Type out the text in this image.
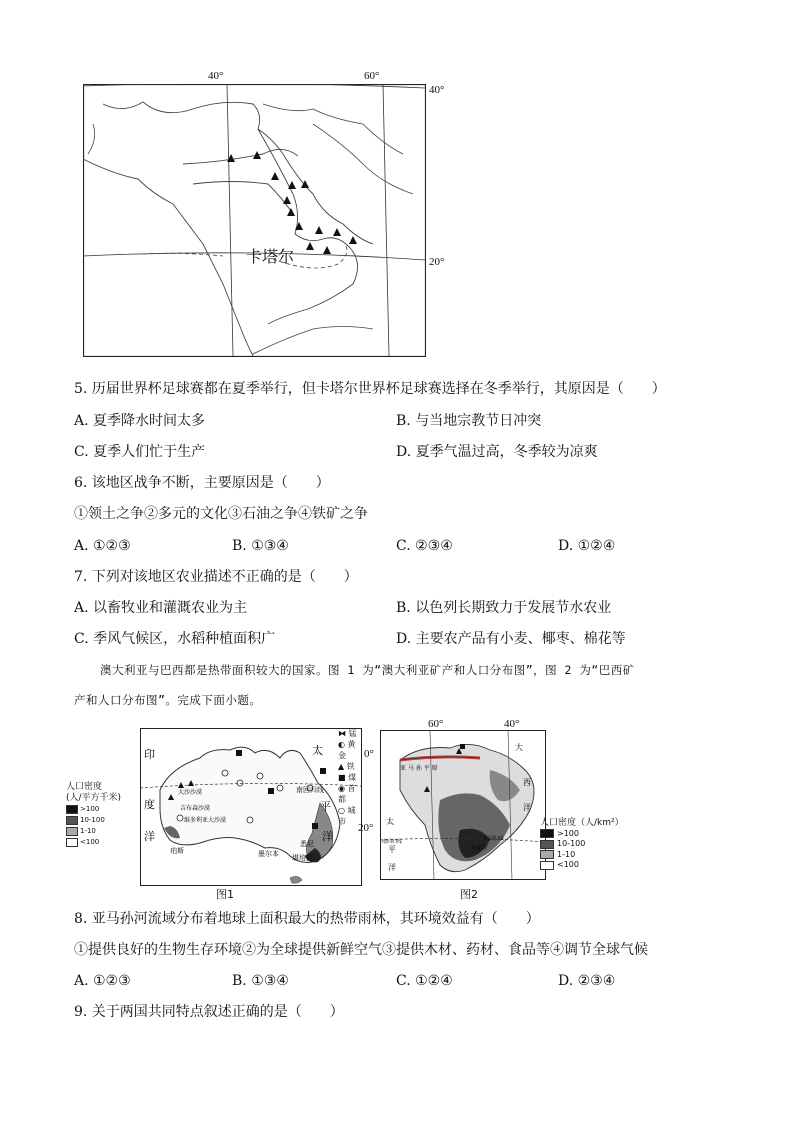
40°	60°
40°
20°
卡塔尔
5. 历届世界杯足球赛都在夏季举行，但卡塔尔世界杯足球赛选择在冬季举行，其原因是（　　）
A. 夏季降水时间太多	B. 与当地宗教节日冲突
C. 夏季人们忙于生产	D. 夏季气温过高，冬季较为凉爽
6. 该地区战争不断，主要原因是（　　）
①领土之争②多元的文化③石油之争④铁矿之争
A. ①②③	B. ①③④	C. ②③④	D. ①②④
7. 下列对该地区农业描述不正确的是（　　）
A. 以畜牧业和灌溉农业为主	B. 以色列长期致力于发展节水农业
C. 季风气候区，水稻种植面积广	D. 主要农产品有小麦、椰枣、棉花等
澳大利亚与巴西都是热带面积较大的国家。图 1 为“澳大利亚矿产和人口分布图”，图 2 为“巴西矿
产和人口分布图”。完成下面小题。
印
度
洋
太
平
洋
大沙沙漠
吉布森沙漠
维多利亚大沙漠
南回归线
珀斯
悉尼
墨尔本 堪培拉
⧓ 锰
◐ 黄金
▲ 铁
■ 煤
◉ 首都
○ 城市
人口密度
(人/平方千米)
>100
10-100
1-10
<100
图1
60°	40°
0°
20°
亚 马 孙 平 原
大
西
洋
太
平
洋
南回归线	南回归线
圣保罗
人口密度（人/km²）
>100
10-100
1-10
<100
图2
8. 亚马孙河流域分布着地球上面积最大的热带雨林，其环境效益有（　　）
①提供良好的生物生存环境②为全球提供新鲜空气③提供木材、药材、食品等④调节全球气候
A. ①②③	B. ①③④	C. ①②④	D. ②③④
9. 关于两国共同特点叙述正确的是（　　）
